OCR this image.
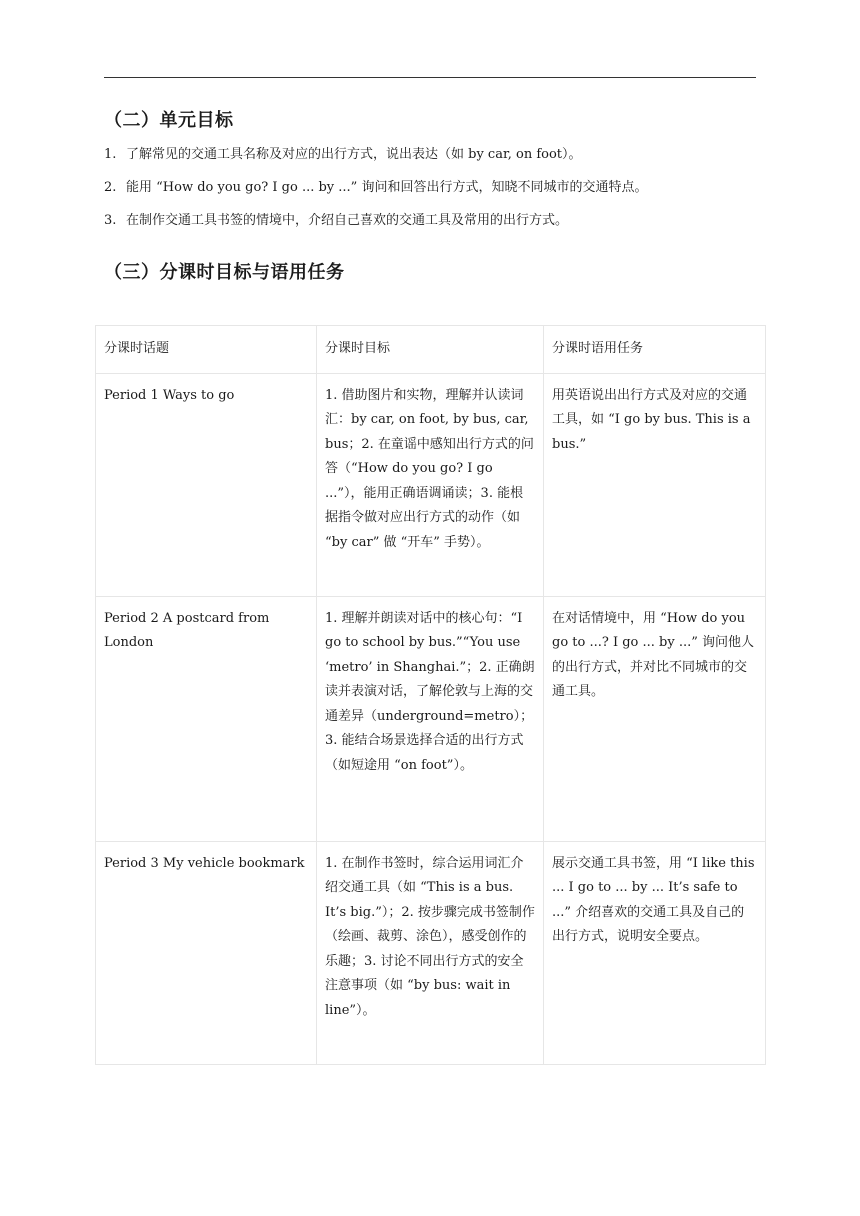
（二）单元目标
1. 了解常见的交通工具名称及对应的出行方式，说出表达（如 by car, on foot）。
2. 能用 “How do you go? I go ... by ...” 询问和回答出行方式，知晓不同城市的交通特点。
3. 在制作交通工具书签的情境中，介绍自己喜欢的交通工具及常用的出行方式。
（三）分课时目标与语用任务
分课时话题	分课时目标	分课时语用任务
Period 1 Ways to go	1. 借助图片和实物，理解并认读词汇：by car, on foot, by bus, car, bus；2. 在童谣中感知出行方式的问答（“How do you go? I go ...”），能用正确语调诵读；3. 能根据指令做对应出行方式的动作（如 “by car” 做 “开车” 手势）。	用英语说出出行方式及对应的交通工具，如 “I go by bus. This is a bus.”
Period 2 A postcard from London	1. 理解并朗读对话中的核心句：“I go to school by bus.”“You use ‘metro’ in Shanghai.”；2. 正确朗读并表演对话，了解伦敦与上海的交通差异（underground=metro）；3. 能结合场景选择合适的出行方式（如短途用 “on foot”）。	在对话情境中，用 “How do you go to ...? I go ... by ...” 询问他人的出行方式，并对比不同城市的交通工具。
Period 3 My vehicle bookmark	1. 在制作书签时，综合运用词汇介绍交通工具（如 “This is a bus. It’s big.”）；2. 按步骤完成书签制作（绘画、裁剪、涂色），感受创作的乐趣；3. 讨论不同出行方式的安全注意事项（如 “by bus: wait in line”）。	展示交通工具书签，用 “I like this ... I go to ... by ... It’s safe to ...” 介绍喜欢的交通工具及自己的出行方式，说明安全要点。
